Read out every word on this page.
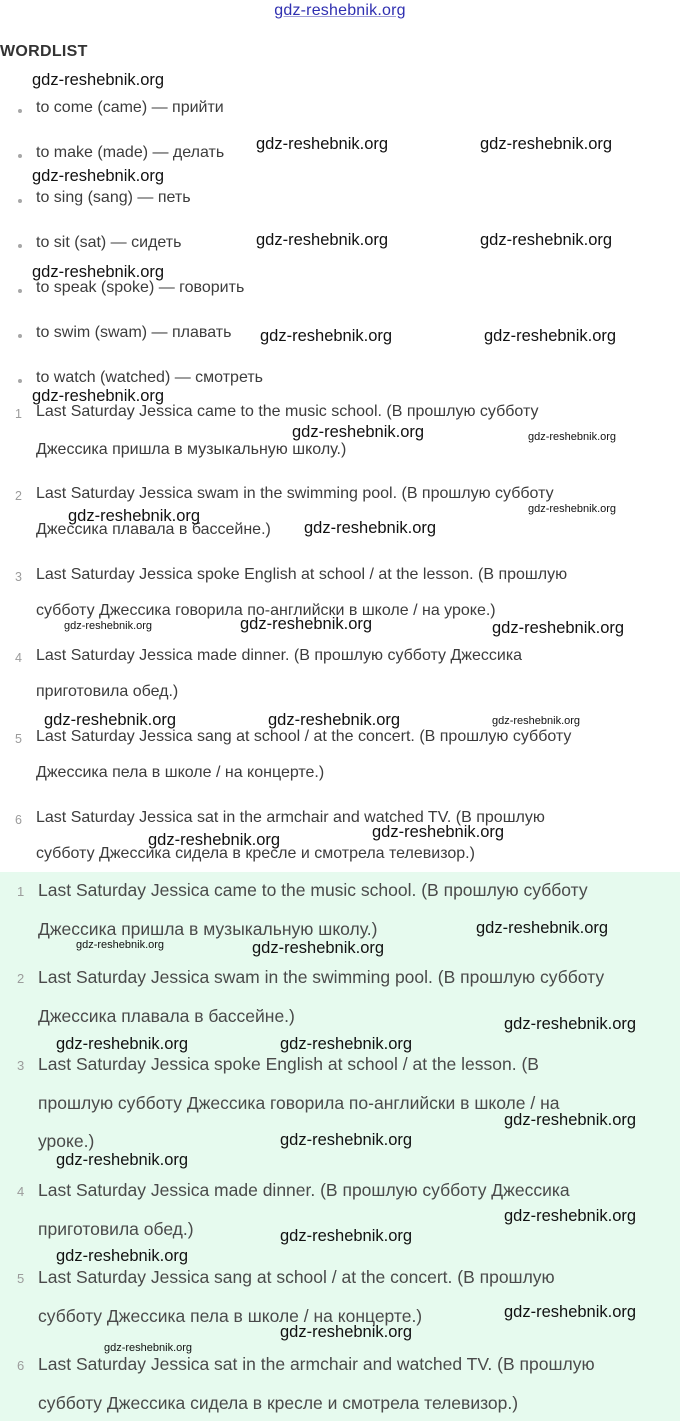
gdz-reshebnik.org
WORDLIST
to come (came) — прийти
to make (made) — делать
to sing (sang) — петь
to sit (sat) — сидеть
to speak (spoke) — говорить
to swim (swam) — плавать
to watch (watched) — смотреть
1 Last Saturday Jessica came to the music school. (В прошлую субботу
Джессика пришла в музыкальную школу.)
2 Last Saturday Jessica swam in the swimming pool. (В прошлую субботу
Джессика плавала в бассейне.)
3 Last Saturday Jessica spoke English at school / at the lesson. (В прошлую
субботу Джессика говорила по-английски в школе / на уроке.)
4 Last Saturday Jessica made dinner. (В прошлую субботу Джессика
приготовила обед.)
5 Last Saturday Jessica sang at school / at the concert. (В прошлую субботу
Джессика пела в школе / на концерте.)
6 Last Saturday Jessica sat in the armchair and watched TV. (В прошлую
субботу Джессика сидела в кресле и смотрела телевизор.)
1 Last Saturday Jessica came to the music school. (В прошлую субботу
Джессика пришла в музыкальную школу.)
2 Last Saturday Jessica swam in the swimming pool. (В прошлую субботу
Джессика плавала в бассейне.)
3 Last Saturday Jessica spoke English at school / at the lesson. (В
прошлую субботу Джессика говорила по-английски в школе / на
уроке.)
4 Last Saturday Jessica made dinner. (В прошлую субботу Джессика
приготовила обед.)
5 Last Saturday Jessica sang at school / at the concert. (В прошлую
субботу Джессика пела в школе / на концерте.)
6 Last Saturday Jessica sat in the armchair and watched TV. (В прошлую
субботу Джессика сидела в кресле и смотрела телевизор.)
gdz-reshebnik.org
gdz-reshebnik.org	gdz-reshebnik.org
gdz-reshebnik.org
gdz-reshebnik.org	gdz-reshebnik.org
gdz-reshebnik.org
gdz-reshebnik.org	gdz-reshebnik.org
gdz-reshebnik.org
gdz-reshebnik.org	gdz-reshebnik.org
gdz-reshebnik.org
gdz-reshebnik.org
gdz-reshebnik.org
gdz-reshebnik.org	gdz-reshebnik.org	gdz-reshebnik.org
gdz-reshebnik.org	gdz-reshebnik.org	gdz-reshebnik.org
gdz-reshebnik.org	gdz-reshebnik.org
gdz-reshebnik.org
gdz-reshebnik.org	gdz-reshebnik.org
gdz-reshebnik.org
gdz-reshebnik.org	gdz-reshebnik.org
gdz-reshebnik.org
gdz-reshebnik.org
gdz-reshebnik.org
gdz-reshebnik.org
gdz-reshebnik.org
gdz-reshebnik.org
gdz-reshebnik.org
gdz-reshebnik.org
gdz-reshebnik.org
